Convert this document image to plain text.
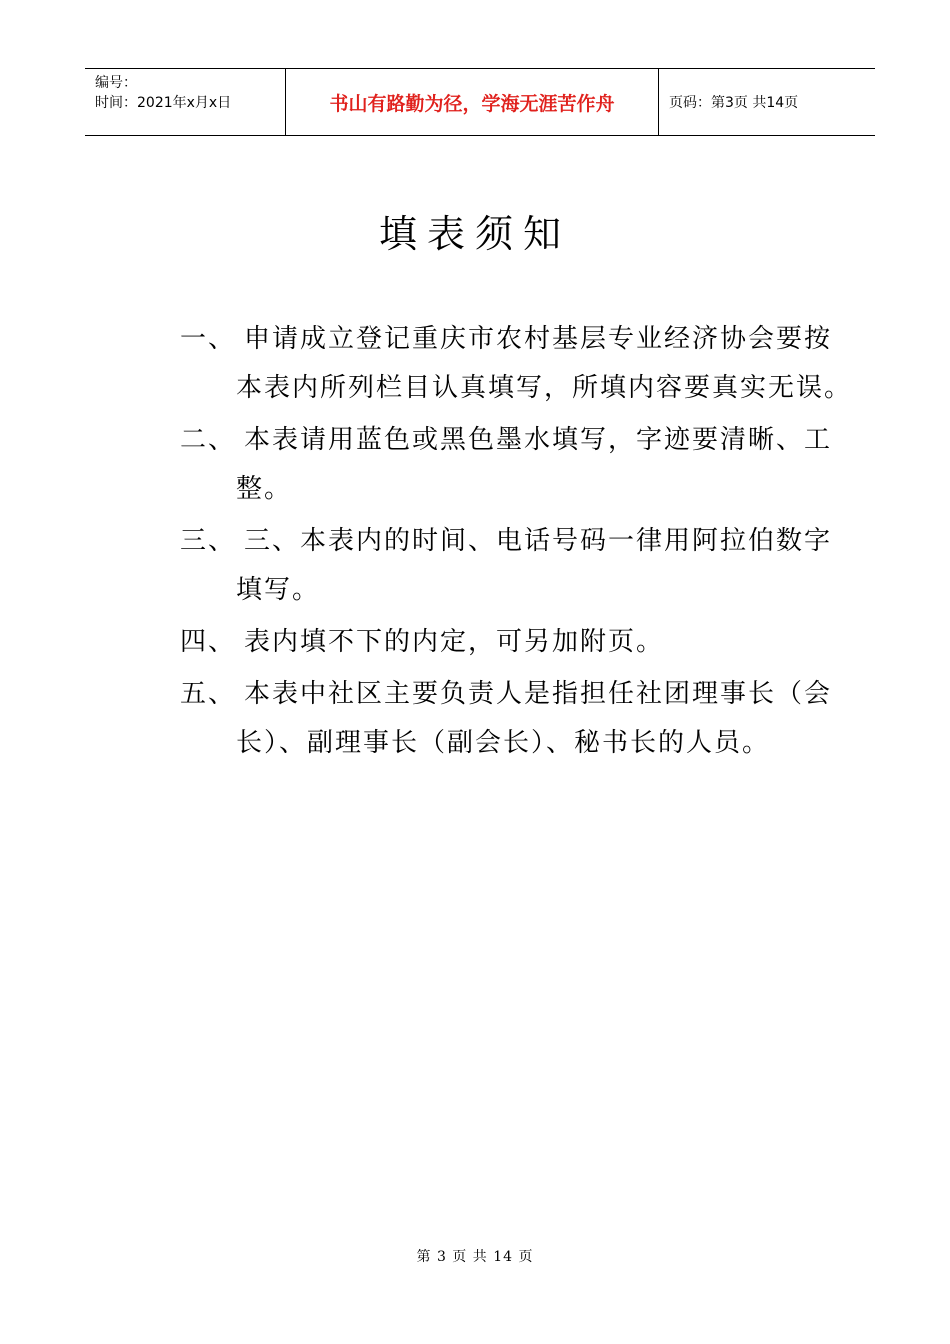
编号：
时间：2021年x月x日	书山有路勤为径，学海无涯苦作舟	页码：第3页 共14页
填表须知
一、 申请成立登记重庆市农村基层专业经济协会要按本表内所列栏目认真填写，所填内容要真实无误。
二、 本表请用蓝色或黑色墨水填写，字迹要清晰、工整。
三、 三、本表内的时间、电话号码一律用阿拉伯数字填写。
四、 表内填不下的内定，可另加附页。
五、 本表中社区主要负责人是指担任社团理事长（会长）、副理事长（副会长）、秘书长的人员。
第 3 页 共 14 页
